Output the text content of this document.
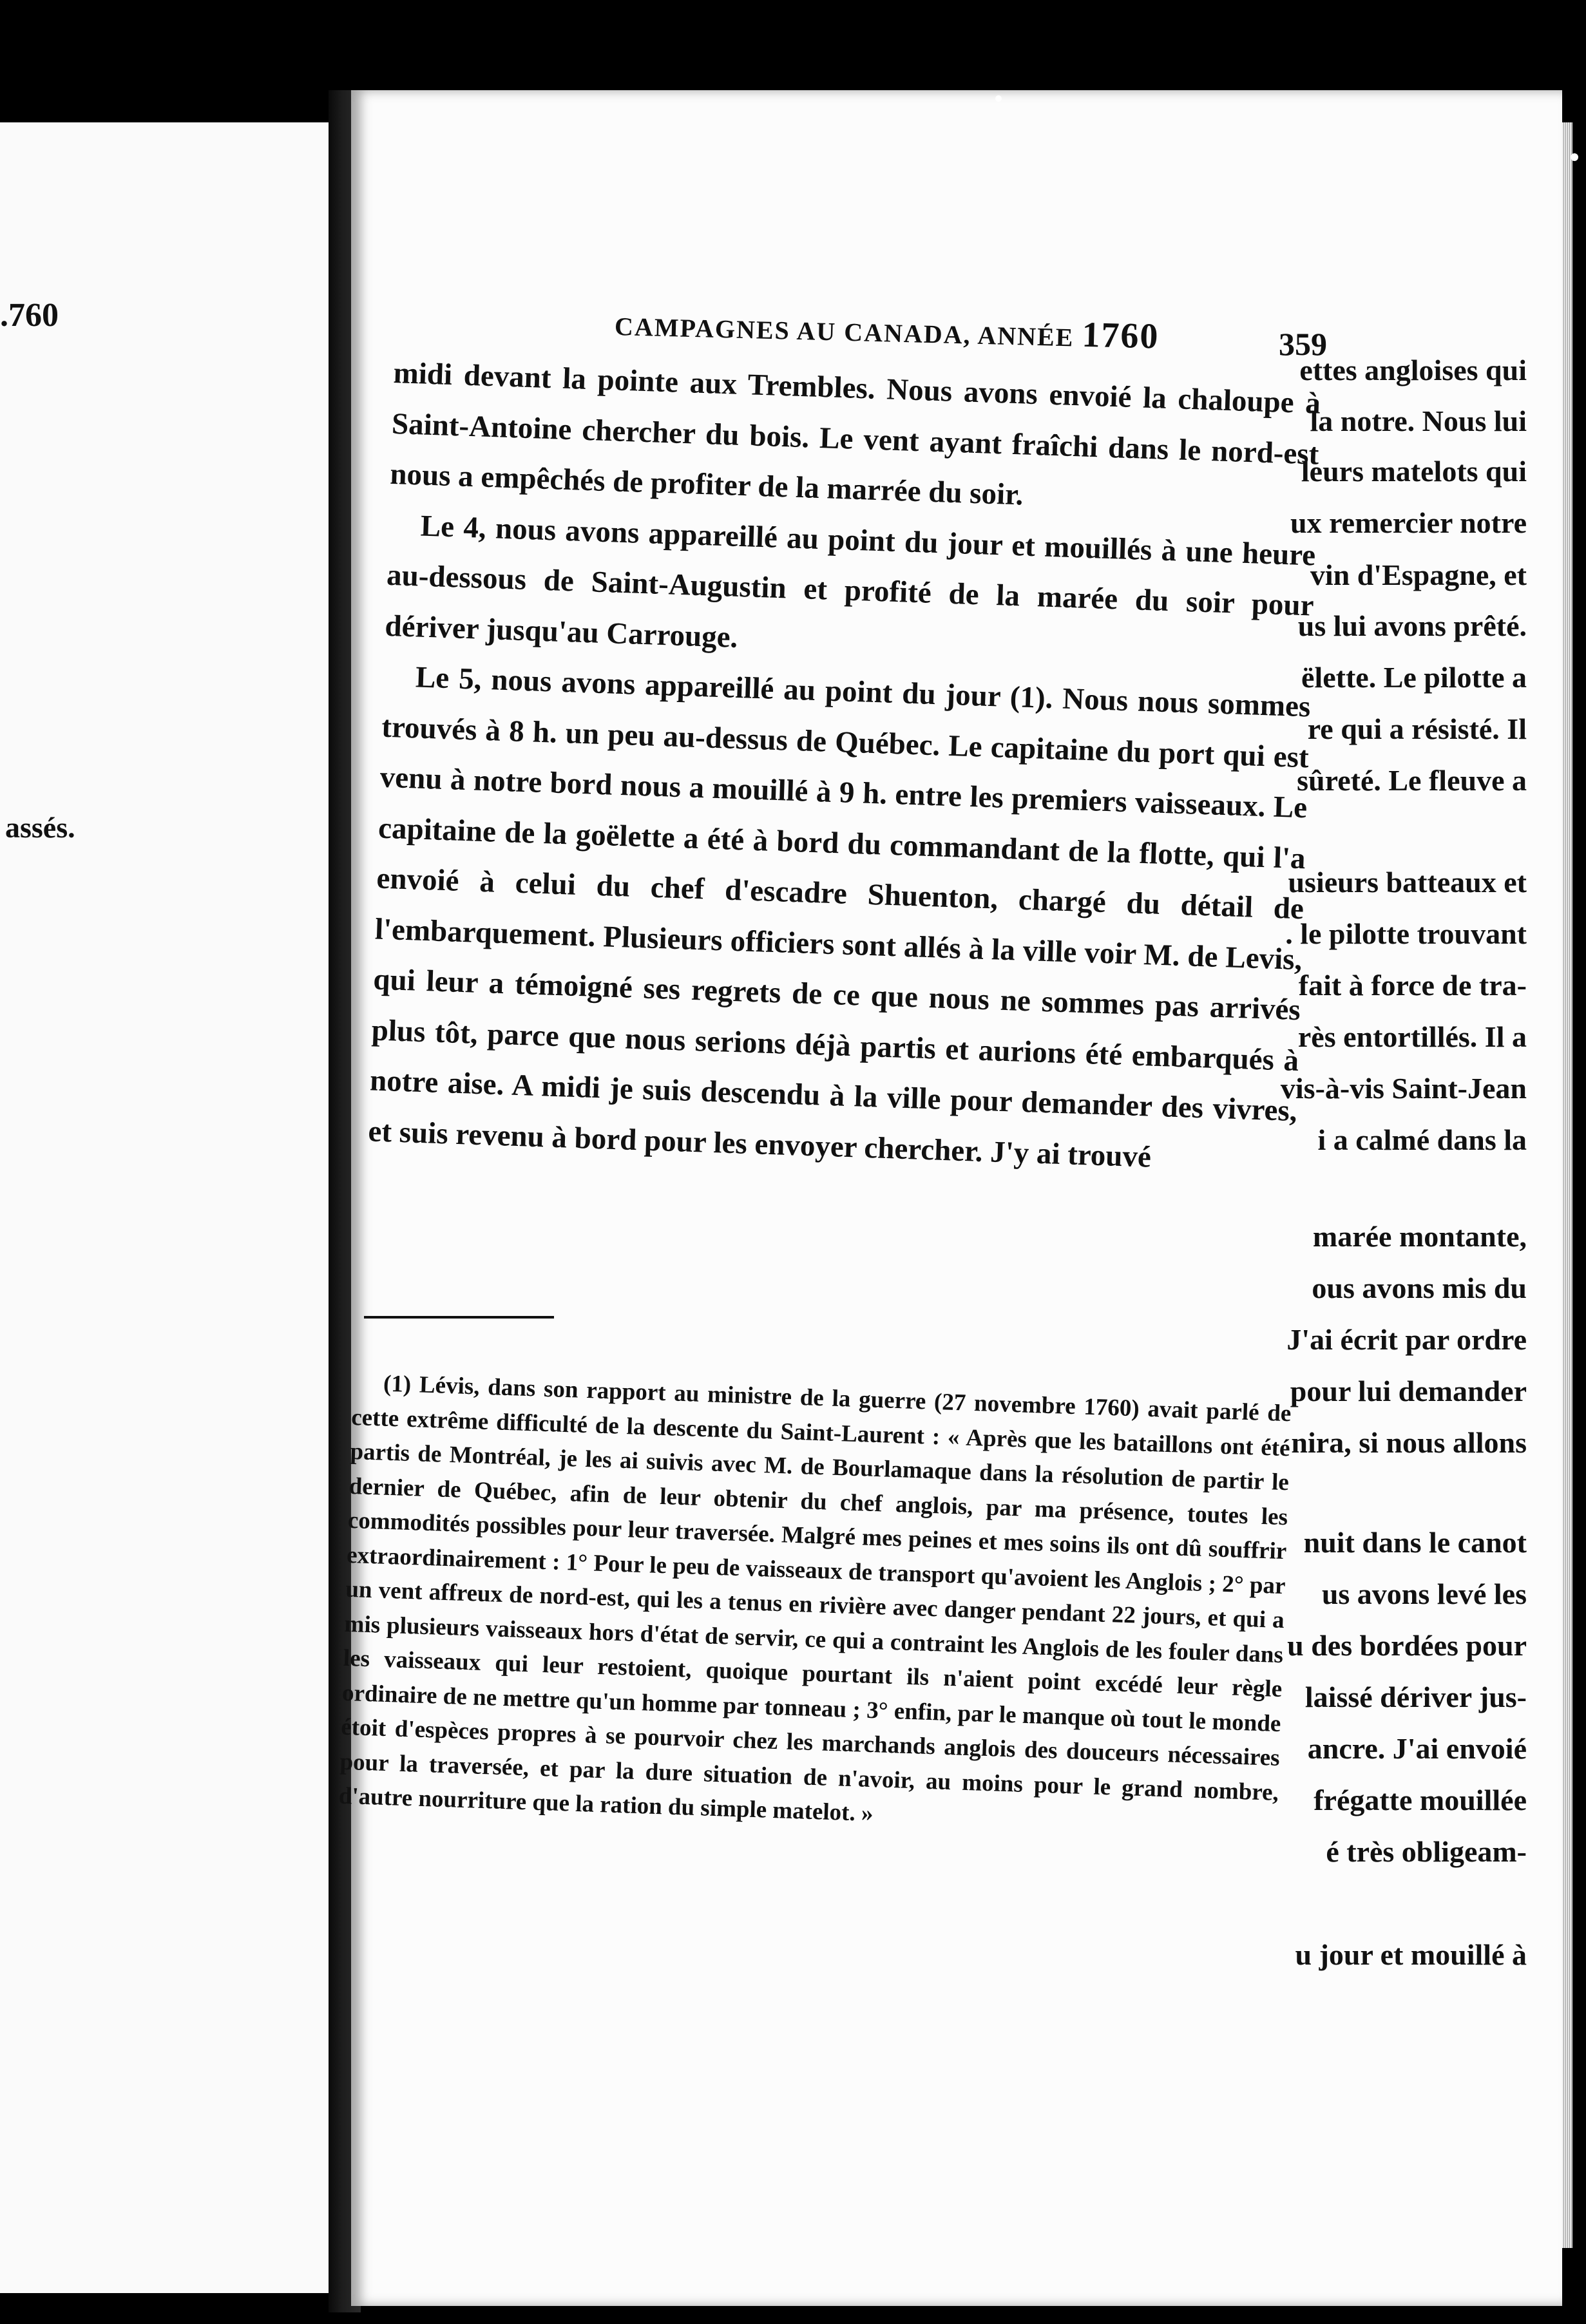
.760
ettes angloises qui
la notre. Nous lui
leurs matelots qui
ux remercier notre
vin d'Espagne, et
us lui avons prêté.
ëlette. Le pilotte a
re qui a résisté. Il
sûreté. Le fleuve a
assés.
usieurs batteaux et
. le pilotte trouvant
fait à force de tra-
rès entortillés. Il a
vis-à-vis Saint-Jean
i a calmé dans la
marée montante,
ous avons mis du
J'ai écrit par ordre
pour lui demander
nira, si nous allons
nuit dans le canot
us avons levé les
u des bordées pour
laissé dériver jus-
ancre. J'ai envoié
frégatte mouillée
é très obligeam-
u jour et mouillé à
CAMPAGNES AU CANADA, ANNÉE 1760	359

midi devant la pointe aux Trembles. Nous avons envoié la chaloupe à Saint-Antoine chercher du bois. Le vent ayant fraîchi dans le nord-est nous a empêchés de profiter de la marrée du soir.

Le 4, nous avons appareillé au point du jour et mouillés à une heure au-dessous de Saint-Augustin et profité de la marée du soir pour dériver jusqu'au Carrouge.

Le 5, nous avons appareillé au point du jour (1). Nous nous sommes trouvés à 8 h. un peu au-dessus de Québec. Le capitaine du port qui est venu à notre bord nous a mouillé à 9 h. entre les premiers vaisseaux. Le capitaine de la goëlette a été à bord du commandant de la flotte, qui l'a envoié à celui du chef d'escadre Shuenton, chargé du détail de l'embarquement. Plusieurs officiers sont allés à la ville voir M. de Levis, qui leur a témoigné ses regrets de ce que nous ne sommes pas arrivés plus tôt, parce que nous serions déjà partis et aurions été embarqués à notre aise. A midi je suis descendu à la ville pour demander des vivres, et suis revenu à bord pour les envoyer chercher. J'y ai trouvé

(1) Lévis, dans son rapport au ministre de la guerre (27 novembre 1760) avait parlé de cette extrême difficulté de la descente du Saint-Laurent : « Après que les bataillons ont été partis de Montréal, je les ai suivis avec M. de Bourlamaque dans la résolution de partir le dernier de Québec, afin de leur obtenir du chef anglois, par ma présence, toutes les commodités possibles pour leur traversée. Malgré mes peines et mes soins ils ont dû souffrir extraordinairement : 1° Pour le peu de vaisseaux de transport qu'avoient les Anglois ; 2° par un vent affreux de nord-est, qui les a tenus en rivière avec danger pendant 22 jours, et qui a mis plusieurs vaisseaux hors d'état de servir, ce qui a contraint les Anglois de les fouler dans les vaisseaux qui leur restoient, quoique pourtant ils n'aient point excédé leur règle ordinaire de ne mettre qu'un homme par tonneau ; 3° enfin, par le manque où tout le monde étoit d'espèces propres à se pourvoir chez les marchands anglois des douceurs nécessaires pour la traversée, et par la dure situation de n'avoir, au moins pour le grand nombre, d'autre nourriture que la ration du simple matelot. »
